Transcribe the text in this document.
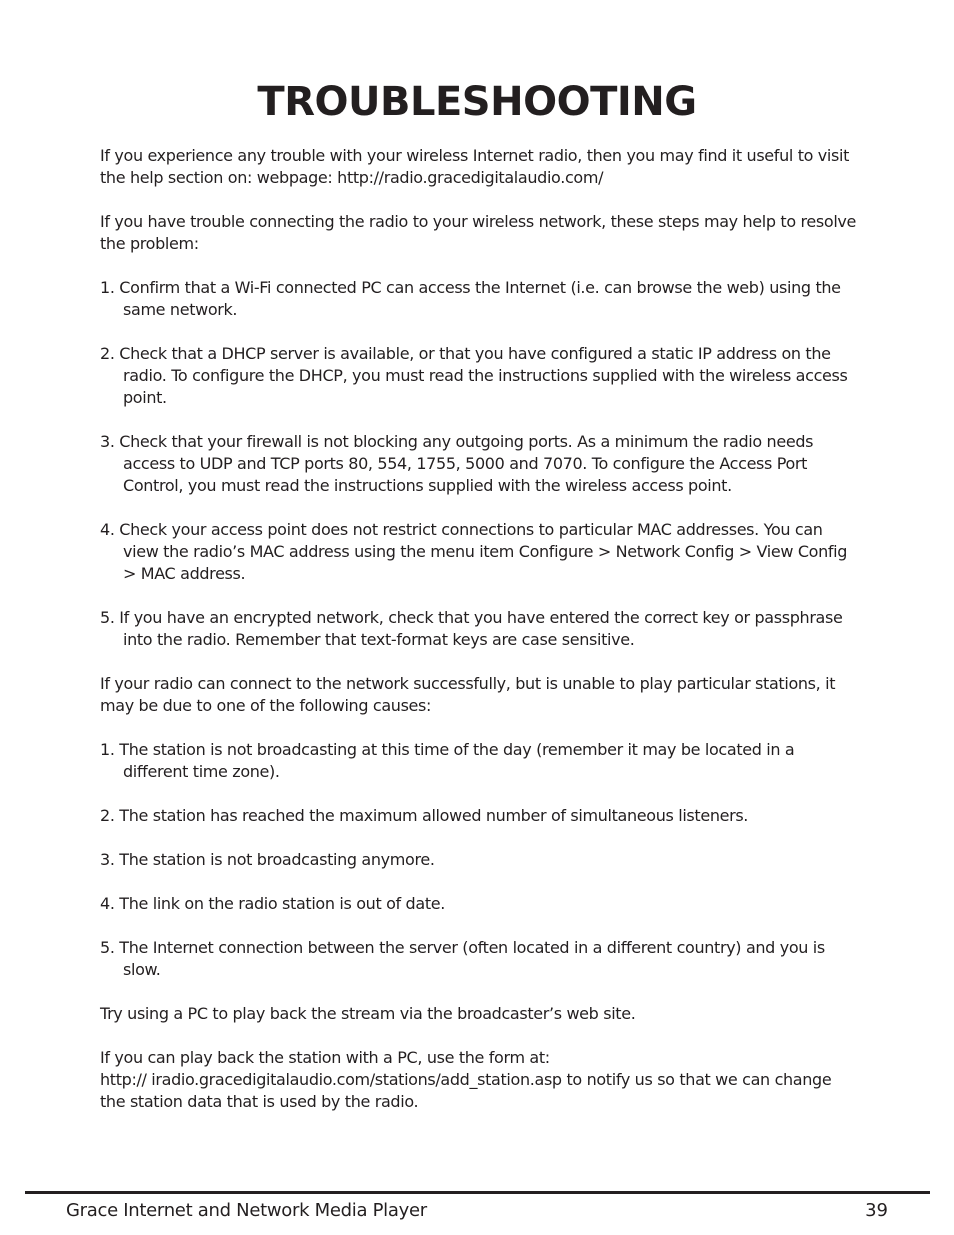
TROUBLESHOOTING

If you experience any trouble with your wireless Internet radio, then you may find it useful to visit the help section on: webpage: http://radio.gracedigitalaudio.com/

If you have trouble connecting the radio to your wireless network, these steps may help to resolve the problem:

1. Confirm that a Wi-Fi connected PC can access the Internet (i.e. can browse the web) using the same network.
2. Check that a DHCP server is available, or that you have configured a static IP address on the radio. To configure the DHCP, you must read the instructions supplied with the wireless access point.
3. Check that your firewall is not blocking any outgoing ports. As a minimum the radio needs access to UDP and TCP ports 80, 554, 1755, 5000 and 7070. To configure the Access Port Control, you must read the instructions supplied with the wireless access point.
4. Check your access point does not restrict connections to particular MAC addresses. You can view the radio’s MAC address using the menu item Configure > Network Config > View Config > MAC address.
5. If you have an encrypted network, check that you have entered the correct key or passphrase into the radio. Remember that text-format keys are case sensitive.

If your radio can connect to the network successfully, but is unable to play particular stations, it may be due to one of the following causes:

1. The station is not broadcasting at this time of the day (remember it may be located in a different time zone).
2. The station has reached the maximum allowed number of simultaneous listeners.
3. The station is not broadcasting anymore.
4. The link on the radio station is out of date.
5. The Internet connection between the server (often located in a different country) and you is slow.

Try using a PC to play back the stream via the broadcaster’s web site.

If you can play back the station with a PC, use the form at:
http:// iradio.gracedigitalaudio.com/stations/add_station.asp to notify us so that we can change the station data that is used by the radio.

Grace Internet and Network Media Player	39
